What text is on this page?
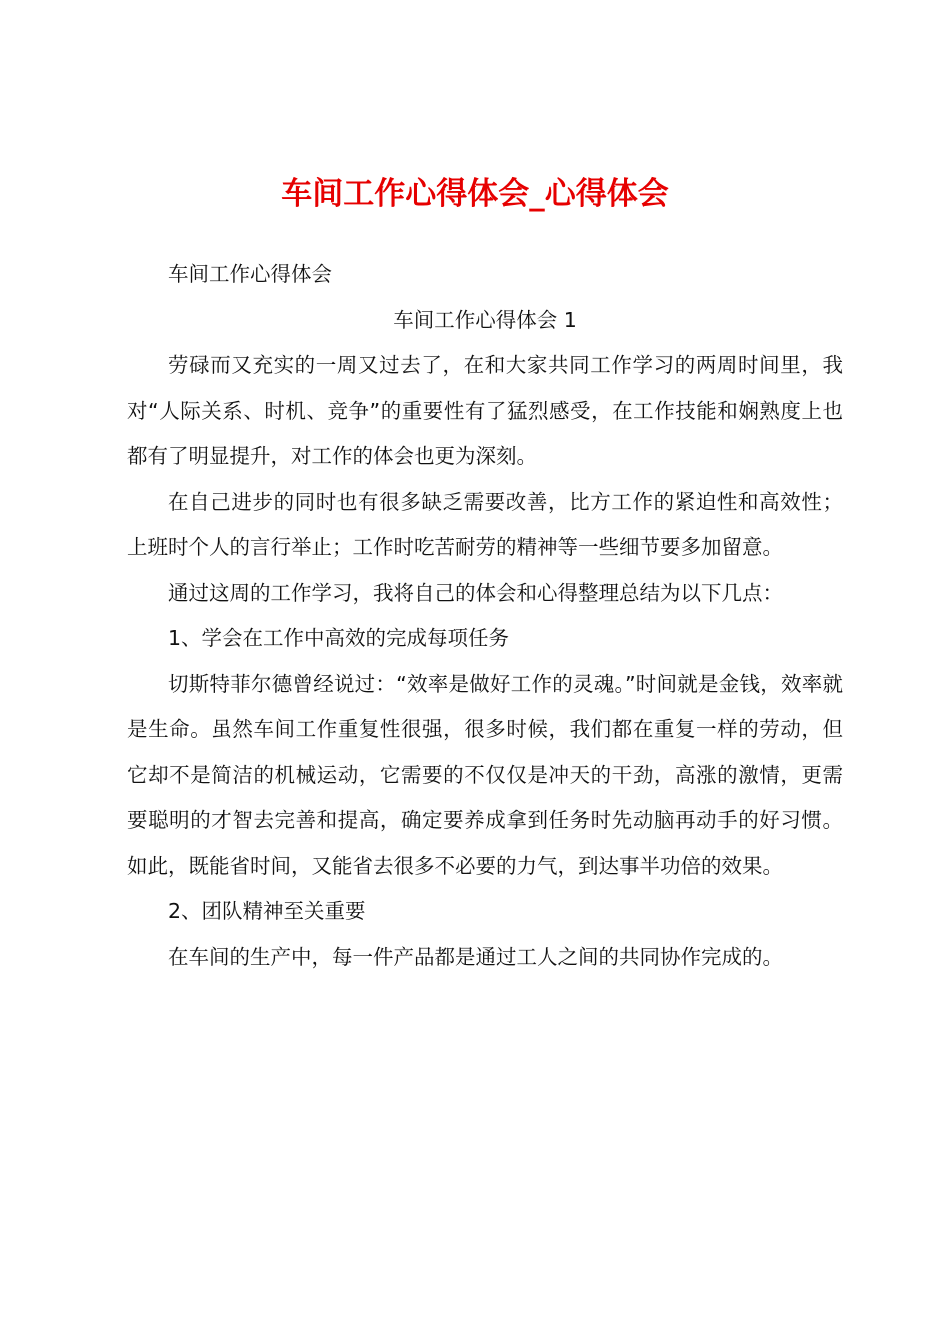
车间工作心得体会_心得体会

车间工作心得体会

车间工作心得体会 1

劳碌而又充实的一周又过去了，在和大家共同工作学习的两周时间里，我对“人际关系、时机、竞争”的重要性有了猛烈感受，在工作技能和娴熟度上也都有了明显提升，对工作的体会也更为深刻。

在自己进步的同时也有很多缺乏需要改善，比方工作的紧迫性和高效性；上班时个人的言行举止；工作时吃苦耐劳的精神等一些细节要多加留意。

通过这周的工作学习，我将自己的体会和心得整理总结为以下几点：

1、学会在工作中高效的完成每项任务

切斯特菲尔德曾经说过：“效率是做好工作的灵魂。”时间就是金钱，效率就是生命。虽然车间工作重复性很强，很多时候，我们都在重复一样的劳动，但它却不是简洁的机械运动，它需要的不仅仅是冲天的干劲，高涨的激情，更需要聪明的才智去完善和提高，确定要养成拿到任务时先动脑再动手的好习惯。如此，既能省时间，又能省去很多不必要的力气，到达事半功倍的效果。

2、团队精神至关重要

在车间的生产中，每一件产品都是通过工人之间的共同协作完成的。
